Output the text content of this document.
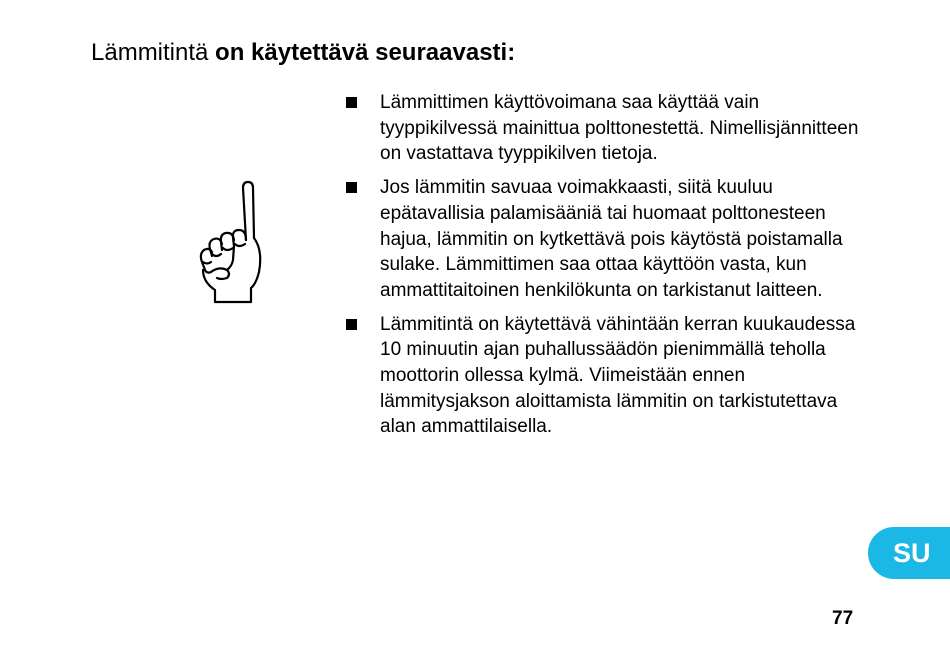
Lämmitintä on käytettävä seuraavasti:
Lämmittimen käyttövoimana saa käyttää vain tyyppikilvessä mainittua polttonestettä. Nimellisjännitteen on vastattava tyyppikilven tietoja.
Jos lämmitin savuaa voimakkaasti, siitä kuuluu epätavallisia palamisääniä tai huomaat polttonesteen hajua, lämmitin on kytkettävä pois käytöstä poistamalla sulake. Lämmittimen saa ottaa käyttöön vasta, kun ammattitaitoinen henkilökunta on tarkistanut laitteen.
Lämmitintä on käytettävä vähintään kerran kuukaudessa 10 minuutin ajan puhallussäädön pienimmällä teholla moottorin ollessa kylmä. Viimeistään ennen lämmitysjakson aloittamista lämmitin on tarkistutettava alan ammattilaisella.
SU
77
